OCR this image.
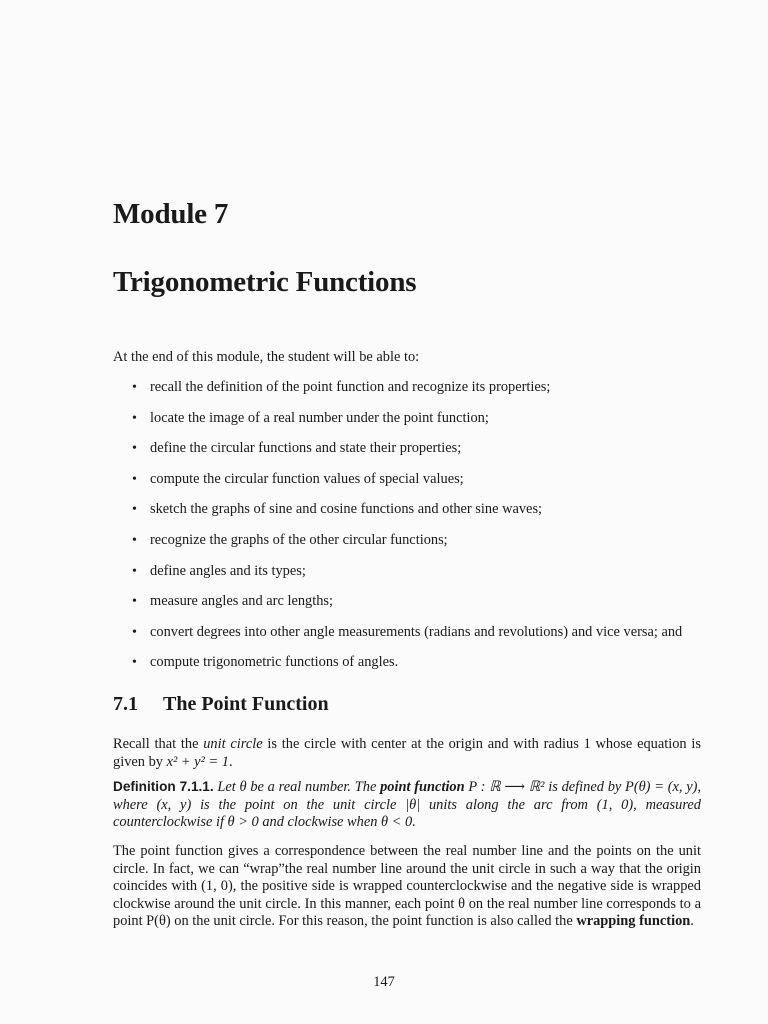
Module 7
Trigonometric Functions

At the end of this module, the student will be able to:

• recall the definition of the point function and recognize its properties;
• locate the image of a real number under the point function;
• define the circular functions and state their properties;
• compute the circular function values of special values;
• sketch the graphs of sine and cosine functions and other sine waves;
• recognize the graphs of the other circular functions;
• define angles and its types;
• measure angles and arc lengths;
• convert degrees into other angle measurements (radians and revolutions) and vice versa; and
• compute trigonometric functions of angles.
7.1 The Point Function

Recall that the unit circle is the circle with center at the origin and with radius 1 whose equation is given by x² + y² = 1.

Definition 7.1.1. Let θ be a real number. The point function P : ℝ ⟶ ℝ² is defined by P(θ) = (x, y), where (x, y) is the point on the unit circle |θ| units along the arc from (1, 0), measured counterclockwise if θ > 0 and clockwise when θ < 0.

The point function gives a correspondence between the real number line and the points on the unit circle. In fact, we can “wrap”the real number line around the unit circle in such a way that the origin coincides with (1, 0), the positive side is wrapped counterclockwise and the negative side is wrapped clockwise around the unit circle. In this manner, each point θ on the real number line corresponds to a point P(θ) on the unit circle. For this reason, the point function is also called the wrapping function.

147
